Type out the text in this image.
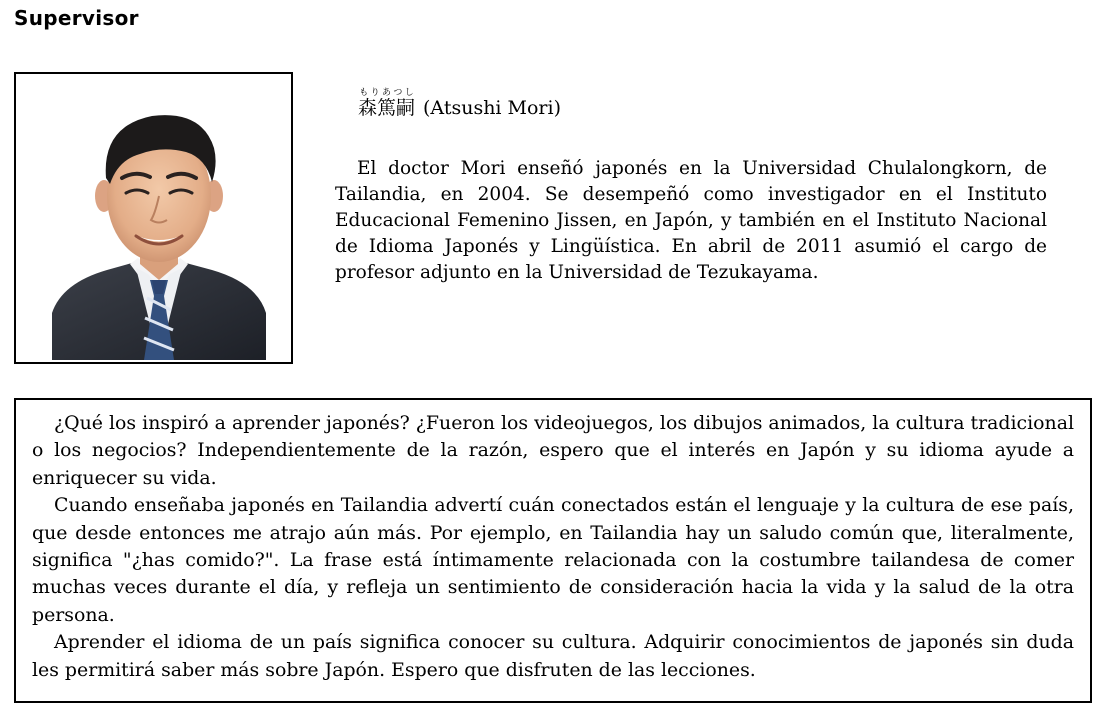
Supervisor
森篤嗣もりあつし(Atsushi Mori)

El doctor Mori enseñó japonés en la Universidad Chulalongkorn, de Tailandia, en 2004. Se desempeñó como investigador en el Instituto Educacional Femenino Jissen, en Japón, y también en el Instituto Nacional de Idioma Japonés y Lingüística. En abril de 2011 asumió el cargo de profesor adjunto en la Universidad de Tezukayama.

¿Qué los inspiró a aprender japonés? ¿Fueron los videojuegos, los dibujos animados, la cultura tradicional o los negocios? Independientemente de la razón, espero que el interés en Japón y su idioma ayude a enriquecer su vida.

Cuando enseñaba japonés en Tailandia advertí cuán conectados están el lenguaje y la cultura de ese país, que desde entonces me atrajo aún más. Por ejemplo, en Tailandia hay un saludo común que, literalmente, significa "¿has comido?". La frase está íntimamente relacionada con la costumbre tailandesa de comer muchas veces durante el día, y refleja un sentimiento de consideración hacia la vida y la salud de la otra persona.

Aprender el idioma de un país significa conocer su cultura. Adquirir conocimientos de japonés sin duda les permitirá saber más sobre Japón. Espero que disfruten de las lecciones.
